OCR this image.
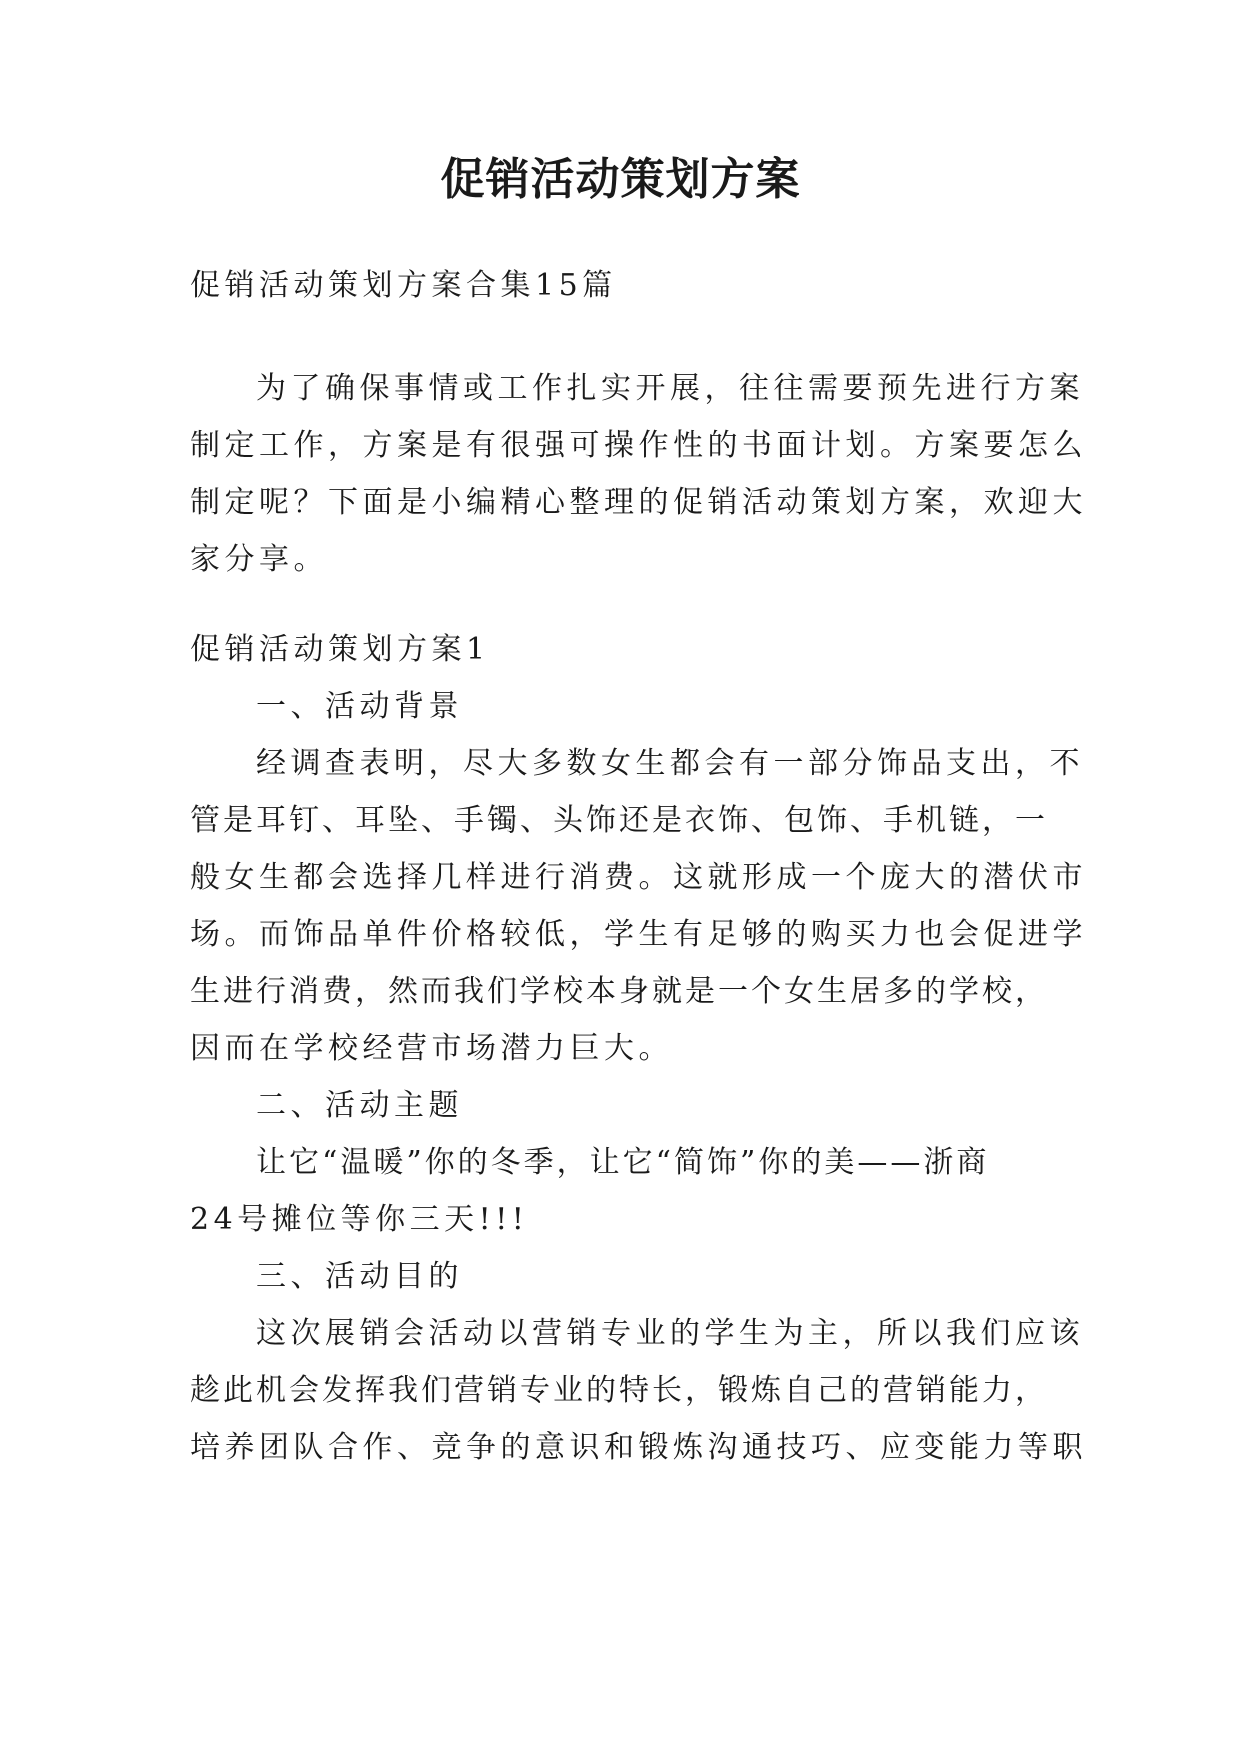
促销活动策划方案
促销活动策划方案合集15篇
为了确保事情或工作扎实开展，往往需要预先进行方案
制定工作，方案是有很强可操作性的书面计划。方案要怎么
制定呢？下面是小编精心整理的促销活动策划方案，欢迎大
家分享。
促销活动策划方案1
一、活动背景
经调查表明，尽大多数女生都会有一部分饰品支出，不
管是耳钉、耳坠、手镯、头饰还是衣饰、包饰、手机链，一
般女生都会选择几样进行消费。这就形成一个庞大的潜伏市
场。而饰品单件价格较低，学生有足够的购买力也会促进学
生进行消费，然而我们学校本身就是一个女生居多的学校，
因而在学校经营市场潜力巨大。
二、活动主题
让它“温暖”你的冬季，让它“简饰”你的美——浙商
24号摊位等你三天!!!
三、活动目的
这次展销会活动以营销专业的学生为主，所以我们应该
趁此机会发挥我们营销专业的特长，锻炼自己的营销能力，
培养团队合作、竞争的意识和锻炼沟通技巧、应变能力等职
